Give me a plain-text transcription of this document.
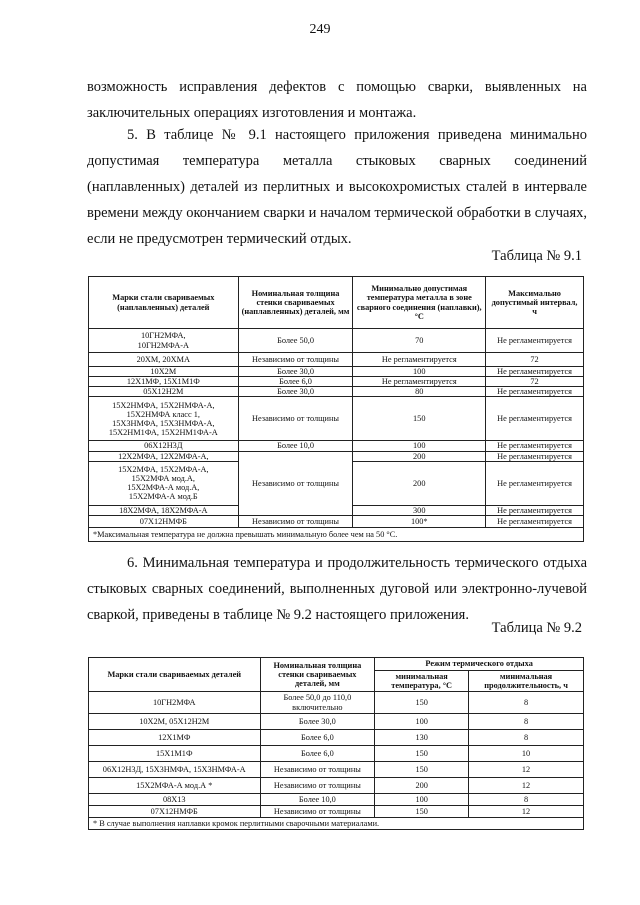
249

возможность исправления дефектов с помощью сварки, выявленных на заключительных операциях изготовления и монтажа.

5. В таблице № 9.1 настоящего приложения приведена минимально допустимая температура металла стыковых сварных соединений (наплавленных) деталей из перлитных и высокохромистых сталей в интервале времени между окончанием сварки и началом термической обработки в случаях, если не предусмотрен термический отдых.

Таблица № 9.1
Марки стали свариваемых (наплавленных) деталей	Номинальная толщина стенки свариваемых (наплавленных) деталей, мм	Минимально допустимая температура металла в зоне сварного соединения (наплавки), °C	Максимально допустимый интервал, ч
10ГН2МФА,
10ГН2МФА-А	Более 50,0	70	Не регламентируется
20ХМ, 20ХМА	Независимо от толщины	Не регламентируется	72
10Х2М	Более 30,0	100	Не регламентируется
12Х1МФ, 15Х1М1Ф	Более 6,0	Не регламентируется	72
05Х12Н2М	Более 30,0	80	Не регламентируется
15Х2НМФА, 15Х2НМФА-А,
15Х2НМФА класс 1,
15Х3НМФА, 15Х3НМФА-А,
15Х2НМ1ФА, 15Х2НМ1ФА-А	Независимо от толщины	150	Не регламентируется
06Х12Н3Д	Более 10,0	100	Не регламентируется
12Х2МФА, 12Х2МФА-А,	Независимо от толщины	200	Не регламентируется
15Х2МФА, 15Х2МФА-А,
15Х2МФА мод.А,
15Х2МФА-А мод.А,
15Х2МФА-А мод.Б		200	Не регламентируется
18Х2МФА, 18Х2МФА-А		300	Не регламентируется
07Х12НМФБ	Независимо от толщины	100*	Не регламентируется
*Максимальная температура не должна превышать минимальную более чем на 50 °C.			

6. Минимальная температура и продолжительность термического отдыха стыковых сварных соединений, выполненных дуговой или электронно-лучевой сваркой, приведены в таблице № 9.2 настоящего приложения.

Таблица № 9.2
Марки стали свариваемых деталей	Номинальная толщина стенки свариваемых деталей, мм	Режим термического отдыха	
		минимальная температура, °C	минимальная продолжительность, ч
10ГН2МФА	Более 50,0 до 110,0
включительно	150	8
10Х2М, 05Х12Н2М	Более 30,0	100	8
12Х1МФ	Более 6,0	130	8
15Х1М1Ф	Более 6,0	150	10
06Х12Н3Д, 15Х3НМФА, 15Х3НМФА-А	Независимо от толщины	150	12
15Х2МФА-А мод.А *	Независимо от толщины	200	12
08Х13	Более 10,0	100	8
07Х12НМФБ	Независимо от толщины	150	12
* В случае выполнения наплавки кромок перлитными сварочными материалами.			
